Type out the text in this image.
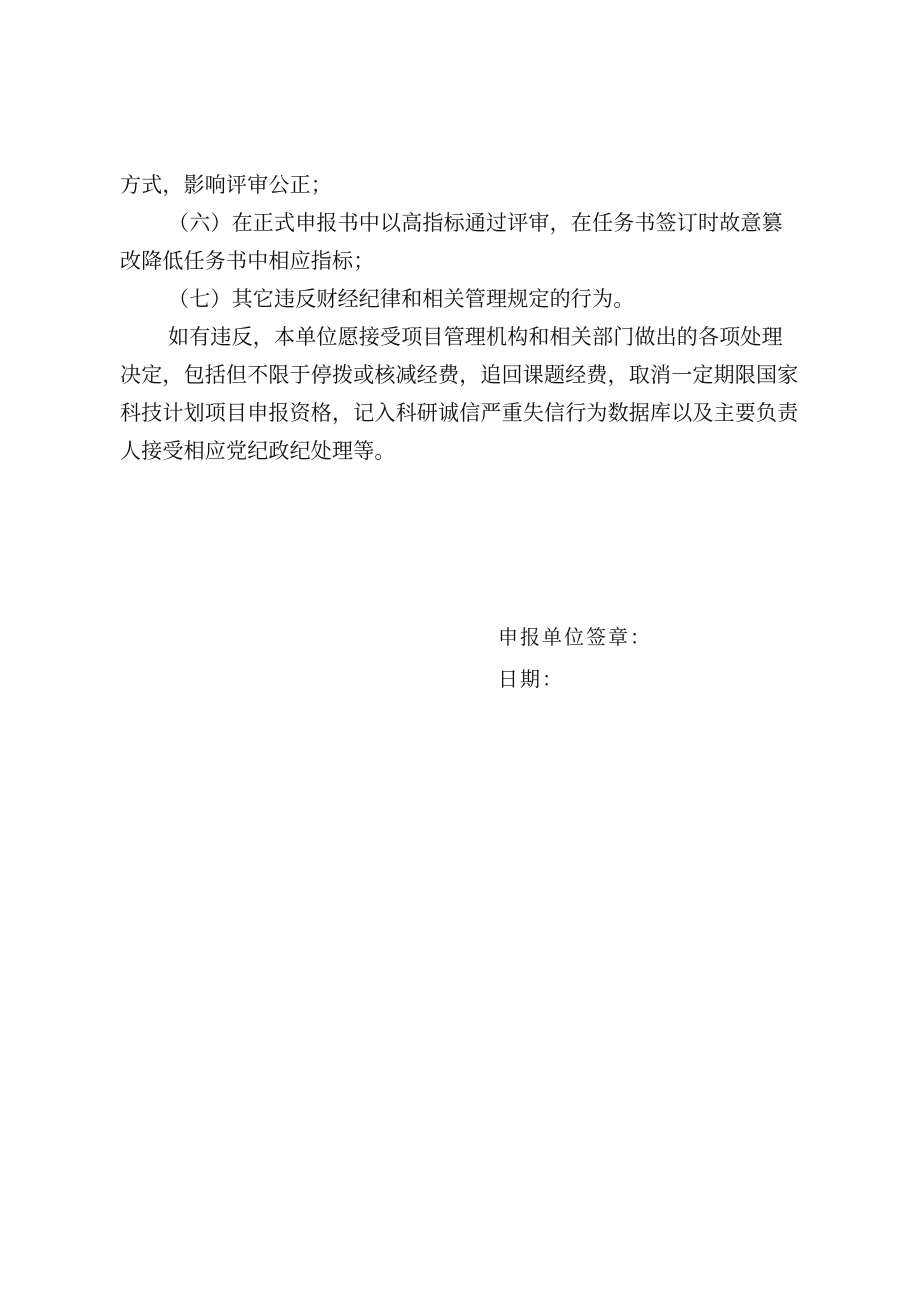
方式，影响评审公正；

（六）在正式申报书中以高指标通过评审，在任务书签订时故意篡

改降低任务书中相应指标；

（七）其它违反财经纪律和相关管理规定的行为。

如有违反，本单位愿接受项目管理机构和相关部门做出的各项处理

决定，包括但不限于停拨或核减经费，追回课题经费，取消一定期限国家

科技计划项目申报资格，记入科研诚信严重失信行为数据库以及主要负责

人接受相应党纪政纪处理等。

申报单位签章：
日期：
